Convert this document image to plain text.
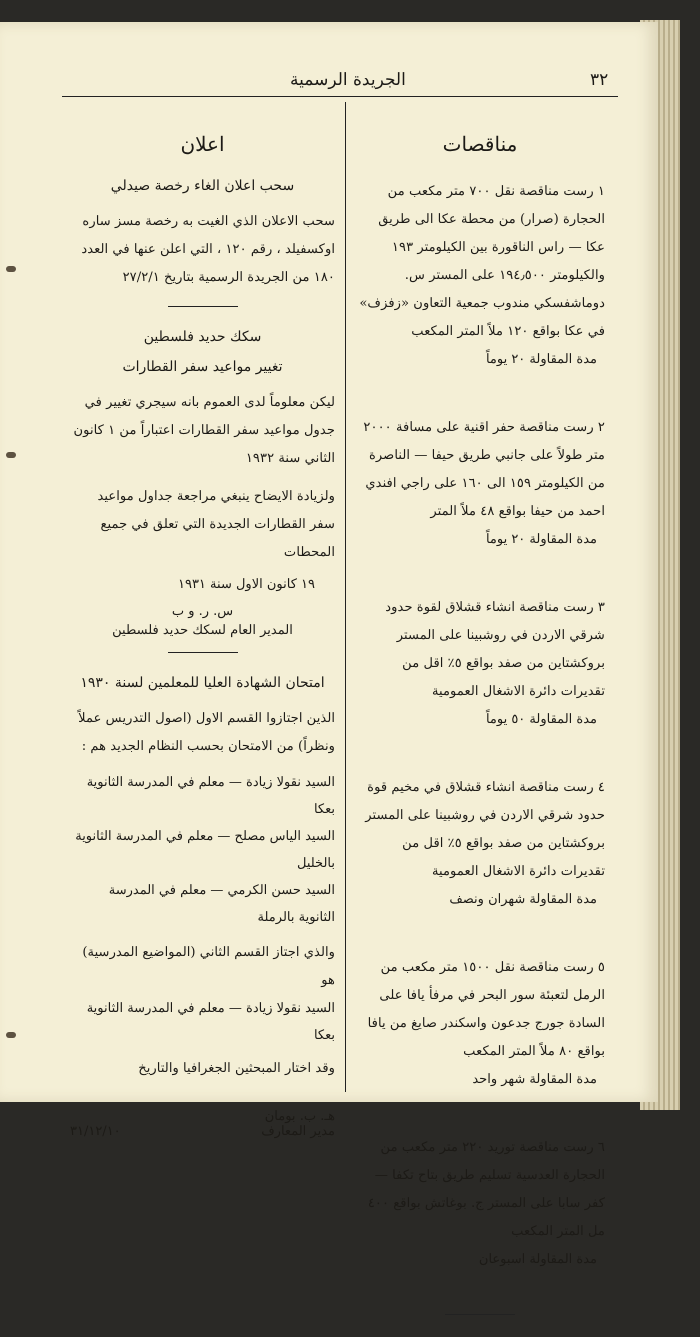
٣٢
الجريدة الرسمية
مناقصات

١ رست مناقصة نقل ٧٠٠ متر مكعب من الحجارة (صرار) من محطة عكا الى طريق عكا — راس الناقورة بين الكيلومتر ١٩٣ والكيلومتر ١٩٤٫٥٠٠ على المستر س. دوماشفسكي مندوب جمعية التعاون «زفزف» في عكا بواقع ١٢٠ ملاً المتر المكعب

مدة المقاولة ٢٠ يوماً

٢ رست مناقصة حفر اقنية على مسافة ٢٠٠٠ متر طولاً على جانبي طريق حيفا — الناصرة من الكيلومتر ١٥٩ الى ١٦٠ على راجي افندي احمد من حيفا بواقع ٤٨ ملاً المتر

مدة المقاولة ٢٠ يوماً

٣ رست مناقصة انشاء قشلاق لقوة حدود شرقي الاردن في روشبينا على المستر بروكشتاين من صفد بواقع ٥٪ اقل من تقديرات دائرة الاشغال العمومية

مدة المقاولة ٥٠ يوماً

٤ رست مناقصة انشاء قشلاق في مخيم قوة حدود شرقي الاردن في روشبينا على المستر بروكشتاين من صفد بواقع ٥٪ اقل من تقديرات دائرة الاشغال العمومية

مدة المقاولة شهران ونصف

٥ رست مناقصة نقل ١٥٠٠ متر مكعب من الرمل لتعبئة سور البحر في مرفأ يافا على السادة جورج جدعون واسكندر صايغ من يافا بواقع ٨٠ ملاً المتر المكعب

مدة المقاولة شهر واحد

٦ رست مناقصة توريد ٢٢٠ متر مكعب من الحجارة العدسية تسليم طريق بتاح تكفا — كفر سابا على المستر ج. بوغاتش بواقع ٤٠٠ مل المتر المكعب

مدة المقاولة اسبوعان

اعلان
سحب اعلان الغاء رخصة صيدلي

سحب الاعلان الذي الغيت به رخصة مسز ساره اوكسفيلد ، رقم ١٢٠ ، التي اعلن عنها في العدد ١٨٠ من الجريدة الرسمية بتاريخ ٢٧/٢/١

سكك حديد فلسطين
تغيير مواعيد سفر القطارات

ليكن معلوماً لدى العموم بانه سيجري تغيير في جدول مواعيد سفر القطارات اعتباراً من ١ كانون الثاني سنة ١٩٣٢

ولزيادة الايضاح ينبغي مراجعة جداول مواعيد سفر القطارات الجديدة التي تعلق في جميع المحطات

١٩ كانون الاول سنة ١٩٣١
س. ر. و ب
المدير العام لسكك حديد فلسطين
امتحان الشهادة العليا للمعلمين لسنة ١٩٣٠

الذين اجتازوا القسم الاول (اصول التدريس عملاً ونظراً) من الامتحان بحسب النظام الجديد هم :

السيد نقولا زيادة — معلم في المدرسة الثانوية بعكا

السيد الياس مصلح — معلم في المدرسة الثانوية بالخليل

السيد حسن الكرمي — معلم في المدرسة الثانوية بالرملة

والذي اجتاز القسم الثاني (المواضيع المدرسية) هو

السيد نقولا زيادة — معلم في المدرسة الثانوية بعكا

وقد اختار المبحثين الجغرافيا والتاريخ

هـ. ب. بومان
مدير المعارف
٣١/١٢/١٠
